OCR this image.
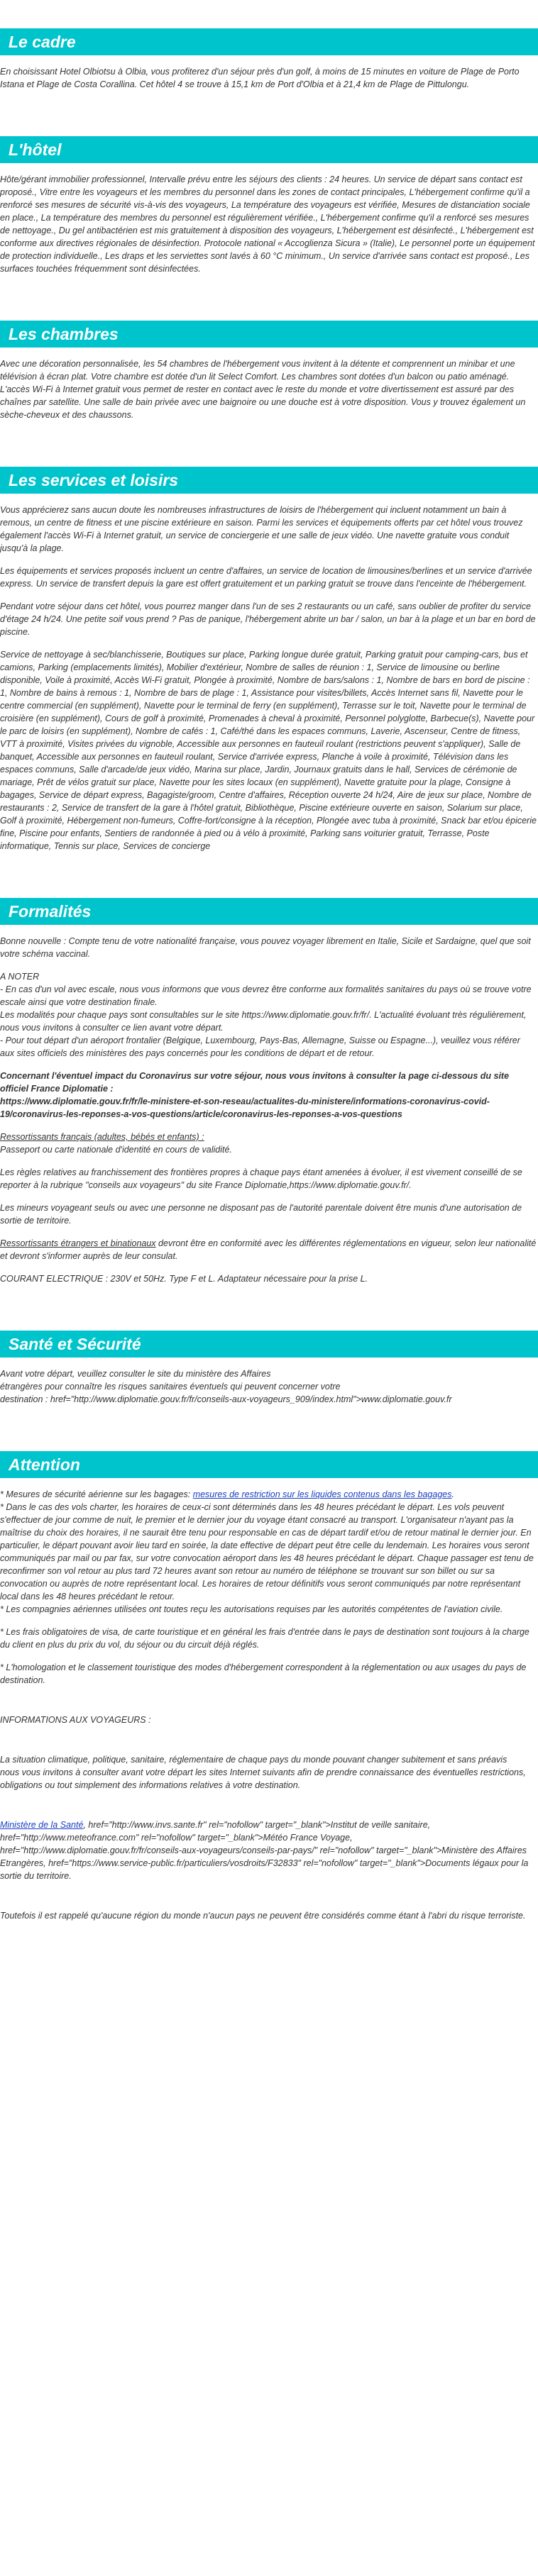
Le cadre

En choisissant Hotel Olbiotsu à Olbia, vous profiterez d'un séjour près d'un golf, à moins de 15 minutes en voiture de Plage de Porto Istana et Plage de Costa Corallina. Cet hôtel 4 se trouve à 15,1 km de Port d'Olbia et à 21,4 km de Plage de Pittulongu.

L'hôtel

Hôte/gérant immobilier professionnel, Intervalle prévu entre les séjours des clients : 24 heures. Un service de départ sans contact est proposé., Vitre entre les voyageurs et les membres du personnel dans les zones de contact principales, L'hébergement confirme qu'il a renforcé ses mesures de sécurité vis-à-vis des voyageurs, La température des voyageurs est vérifiée, Mesures de distanciation sociale en place., La température des membres du personnel est régulièrement vérifiée., L'hébergement confirme qu'il a renforcé ses mesures de nettoyage., Du gel antibactérien est mis gratuitement à disposition des voyageurs, L'hébergement est désinfecté., L'hébergement est conforme aux directives régionales de désinfection. Protocole national « Accoglienza Sicura » (Italie), Le personnel porte un équipement de protection individuelle., Les draps et les serviettes sont lavés à 60 °C minimum., Un service d'arrivée sans contact est proposé., Les surfaces touchées fréquemment sont désinfectées.

Les chambres

Avec une décoration personnalisée, les 54 chambres de l'hébergement vous invitent à la détente et comprennent un minibar et une télévision à écran plat. Votre chambre est dotée d'un lit Select Comfort. Les chambres sont dotées d'un balcon ou patio aménagé. L'accès Wi-Fi à Internet gratuit vous permet de rester en contact avec le reste du monde et votre divertissement est assuré par des chaînes par satellite. Une salle de bain privée avec une baignoire ou une douche est à votre disposition. Vous y trouvez également un sèche-cheveux et des chaussons.

Les services et loisirs

Vous apprécierez sans aucun doute les nombreuses infrastructures de loisirs de l'hébergement qui incluent notamment un bain à remous, un centre de fitness et une piscine extérieure en saison. Parmi les services et équipements offerts par cet hôtel vous trouvez également l'accès Wi-Fi à Internet gratuit, un service de conciergerie et une salle de jeux vidéo. Une navette gratuite vous conduit jusqu'à la plage.

Les équipements et services proposés incluent un centre d'affaires, un service de location de limousines/berlines et un service d'arrivée express. Un service de transfert depuis la gare est offert gratuitement et un parking gratuit se trouve dans l'enceinte de l'hébergement.

Pendant votre séjour dans cet hôtel, vous pourrez manger dans l'un de ses 2 restaurants ou un café, sans oublier de profiter du service d'étage 24 h/24. Une petite soif vous prend ? Pas de panique, l'hébergement abrite un bar / salon, un bar à la plage et un bar en bord de piscine.

Service de nettoyage à sec/blanchisserie, Boutiques sur place, Parking longue durée gratuit, Parking gratuit pour camping-cars, bus et camions, Parking (emplacements limités), Mobilier d'extérieur, Nombre de salles de réunion : 1, Service de limousine ou berline disponible, Voile à proximité, Accès Wi-Fi gratuit, Plongée à proximité, Nombre de bars/salons : 1, Nombre de bars en bord de piscine : 1, Nombre de bains à remous : 1, Nombre de bars de plage : 1, Assistance pour visites/billets, Accès Internet sans fil, Navette pour le centre commercial (en supplément), Navette pour le terminal de ferry (en supplément), Terrasse sur le toit, Navette pour le terminal de croisière (en supplément), Cours de golf à proximité, Promenades à cheval à proximité, Personnel polyglotte, Barbecue(s), Navette pour le parc de loisirs (en supplément), Nombre de cafés : 1, Café/thé dans les espaces communs, Laverie, Ascenseur, Centre de fitness, VTT à proximité, Visites privées du vignoble, Accessible aux personnes en fauteuil roulant (restrictions peuvent s'appliquer), Salle de banquet, Accessible aux personnes en fauteuil roulant, Service d'arrivée express, Planche à voile à proximité, Télévision dans les espaces communs, Salle d'arcade/de jeux vidéo, Marina sur place, Jardin, Journaux gratuits dans le hall, Services de cérémonie de mariage, Prêt de vélos gratuit sur place, Navette pour les sites locaux (en supplément), Navette gratuite pour la plage, Consigne à bagages, Service de départ express, Bagagiste/groom, Centre d'affaires, Réception ouverte 24 h/24, Aire de jeux sur place, Nombre de restaurants : 2, Service de transfert de la gare à l'hôtel gratuit, Bibliothèque, Piscine extérieure ouverte en saison, Solarium sur place, Golf à proximité, Hébergement non-fumeurs, Coffre-fort/consigne à la réception, Plongée avec tuba à proximité, Snack bar et/ou épicerie fine, Piscine pour enfants, Sentiers de randonnée à pied ou à vélo à proximité, Parking sans voiturier gratuit, Terrasse, Poste informatique, Tennis sur place, Services de concierge

Formalités

Bonne nouvelle : Compte tenu de votre nationalité française, vous pouvez voyager librement en Italie, Sicile et Sardaigne, quel que soit votre schéma vaccinal.

A NOTER
- En cas d'un vol avec escale, nous vous informons que vous devrez être conforme aux formalités sanitaires du pays où se trouve votre escale ainsi que votre destination finale.
Les modalités pour chaque pays sont consultables sur le site https://www.diplomatie.gouv.fr/fr/. L'actualité évoluant très régulièrement, nous vous invitons à consulter ce lien avant votre départ.
- Pour tout départ d'un aéroport frontalier (Belgique, Luxembourg, Pays-Bas, Allemagne, Suisse ou Espagne...), veuillez vous référer aux sites officiels des ministères des pays concernés pour les conditions de départ et de retour.

Concernant l'éventuel impact du Coronavirus sur votre séjour, nous vous invitons à consulter la page ci-dessous du site officiel France Diplomatie :
https://www.diplomatie.gouv.fr/fr/le-ministere-et-son-reseau/actualites-du-ministere/informations-coronavirus-covid-19/coronavirus-les-reponses-a-vos-questions/article/coronavirus-les-reponses-a-vos-questions

Ressortissants français (adultes, bébés et enfants) :
Passeport ou carte nationale d'identité en cours de validité.

Les règles relatives au franchissement des frontières propres à chaque pays étant amenées à évoluer, il est vivement conseillé de se reporter à la rubrique "conseils aux voyageurs" du site France Diplomatie,https://www.diplomatie.gouv.fr/.

Les mineurs voyageant seuls ou avec une personne ne disposant pas de l'autorité parentale doivent être munis d'une autorisation de sortie de territoire.

Ressortissants étrangers et binationaux devront être en conformité avec les différentes réglementations en vigueur, selon leur nationalité et devront s'informer auprès de leur consulat.

COURANT ELECTRIQUE : 230V et 50Hz. Type F et L. Adaptateur nécessaire pour la prise L.

Santé et Sécurité

Avant votre départ, veuillez consulter le site du ministère des Affaires
étrangères pour connaître les risques sanitaires éventuels qui peuvent concerner votre
destination : href="http://www.diplomatie.gouv.fr/fr/conseils-aux-voyageurs_909/index.html">www.diplomatie.gouv.fr

Attention

* Mesures de sécurité aérienne sur les bagages: mesures de restriction sur les liquides contenus dans les bagages.
* Dans le cas des vols charter, les horaires de ceux-ci sont déterminés dans les 48 heures précédant le départ. Les vols peuvent s'effectuer de jour comme de nuit, le premier et le dernier jour du voyage étant consacré au transport. L'organisateur n'ayant pas la maîtrise du choix des horaires, il ne saurait être tenu pour responsable en cas de départ tardif et/ou de retour matinal le dernier jour. En particulier, le départ pouvant avoir lieu tard en soirée, la date effective de départ peut être celle du lendemain. Les horaires vous seront communiqués par mail ou par fax, sur votre convocation aéroport dans les 48 heures précédant le départ. Chaque passager est tenu de reconfirmer son vol retour au plus tard 72 heures avant son retour au numéro de téléphone se trouvant sur son billet ou sur sa convocation ou auprès de notre représentant local. Les horaires de retour définitifs vous seront communiqués par notre représentant local dans les 48 heures précédant le retour.
* Les compagnies aériennes utilisées ont toutes reçu les autorisations requises par les autorités compétentes de l'aviation civile.

* Les frais obligatoires de visa, de carte touristique et en général les frais d'entrée dans le pays de destination sont toujours à la charge du client en plus du prix du vol, du séjour ou du circuit déjà réglés.

* L'homologation et le classement touristique des modes d'hébergement correspondent à la réglementation ou aux usages du pays de destination.

INFORMATIONS AUX VOYAGEURS :

La situation climatique, politique, sanitaire, réglementaire de chaque pays du monde pouvant changer subitement et sans préavis
nous vous invitons à consulter avant votre départ les sites Internet suivants afin de prendre connaissance des éventuelles restrictions, obligations ou tout simplement des informations relatives à votre destination.

Ministère de la Santé, href="http://www.invs.sante.fr" rel="nofollow" target="_blank">Institut de veille sanitaire, href="http://www.meteofrance.com" rel="nofollow" target="_blank">Météo France Voyage, href="http://www.diplomatie.gouv.fr/fr/conseils-aux-voyageurs/conseils-par-pays/" rel="nofollow" target="_blank">Ministère des Affaires Etrangères, href="https://www.service-public.fr/particuliers/vosdroits/F32833" rel="nofollow" target="_blank">Documents légaux pour la sortie du territoire.

Toutefois il est rappelé qu'aucune région du monde n'aucun pays ne peuvent être considérés comme étant à l'abri du risque terroriste.
